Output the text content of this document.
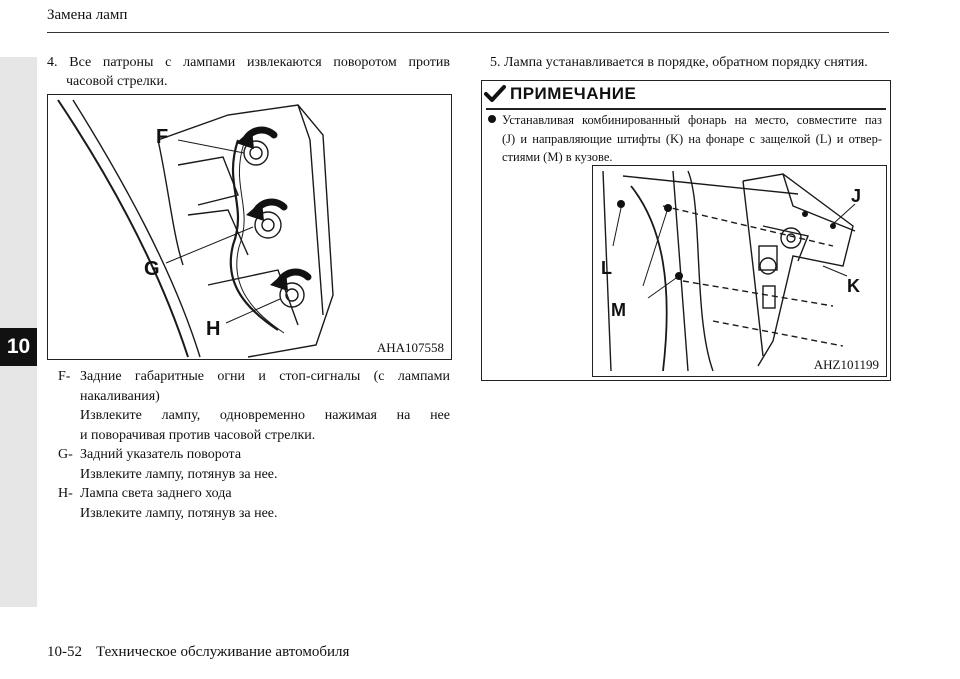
10
Замена ламп
4. Все патроны с лампами извлекаются поворотом против
часовой стрелки.
F
G
H
AHA107558
F- Задние габаритные огни и стоп-сигналы (с лампами
накаливания)
Извлеките лампу, одновременно нажимая на нее
и поворачивая против часовой стрелки.
G- Задний указатель поворота
Извлеките лампу, потянув за нее.
H- Лампа света заднего хода
Извлеките лампу, потянув за нее.
5. Лампа устанавливается в порядке, обратном порядку снятия.
ПРИМЕЧАНИЕ
Устанавливая комбинированный фонарь на место, совместите паз
(J) и направляющие штифты (K) на фонаре с защелкой (L) и отвер-
стиями (M) в кузове.
J
K
L
M
AHZ101199
10-52 Техническое обслуживание автомобиля
